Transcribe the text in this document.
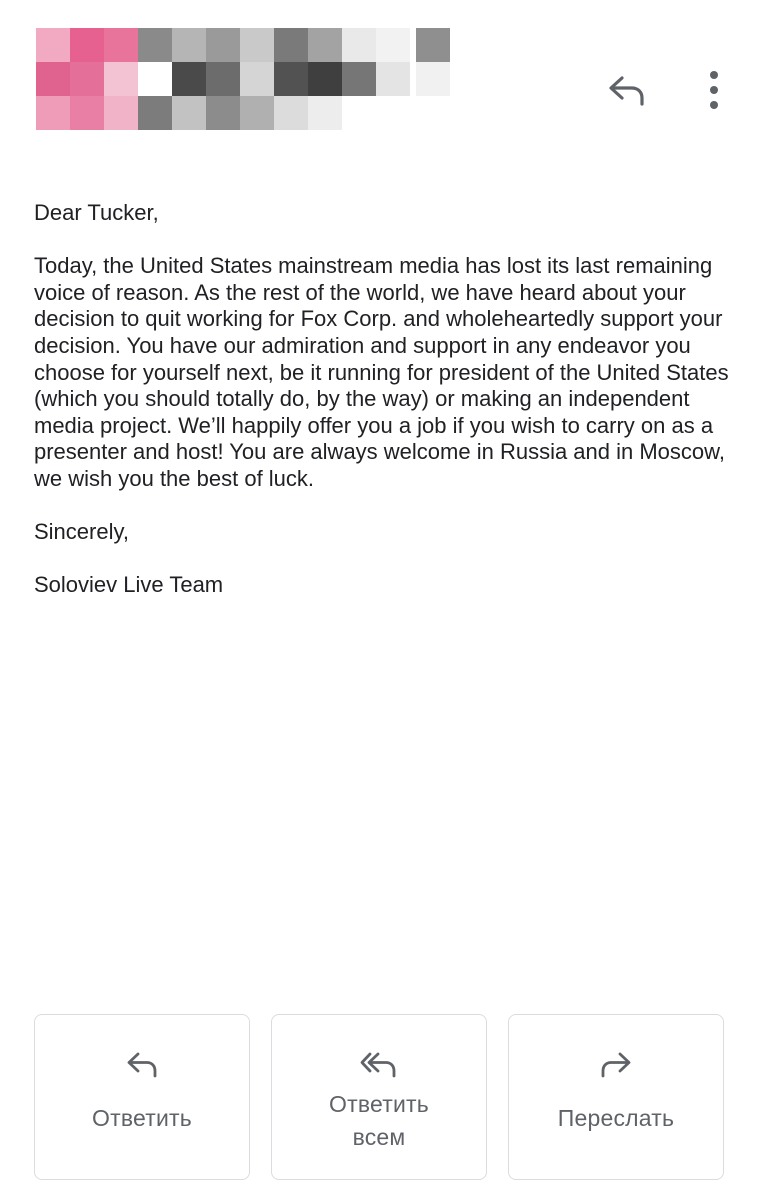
Dear Tucker,

Today, the United States mainstream media has lost its last remaining voice of reason. As the rest of the world, we have heard about your decision to quit working for Fox Corp. and wholeheartedly support your decision. You have our admiration and support in any endeavor you choose for yourself next, be it running for president of the United States (which you should totally do, by the way) or making an independent media project. We’ll happily offer you a job if you wish to carry on as a presenter and host! You are always welcome in Russia and in Moscow, we wish you the best of luck.

Sincerely,

Soloviev Live Team

Ответить
Ответить
всем
Переслать
